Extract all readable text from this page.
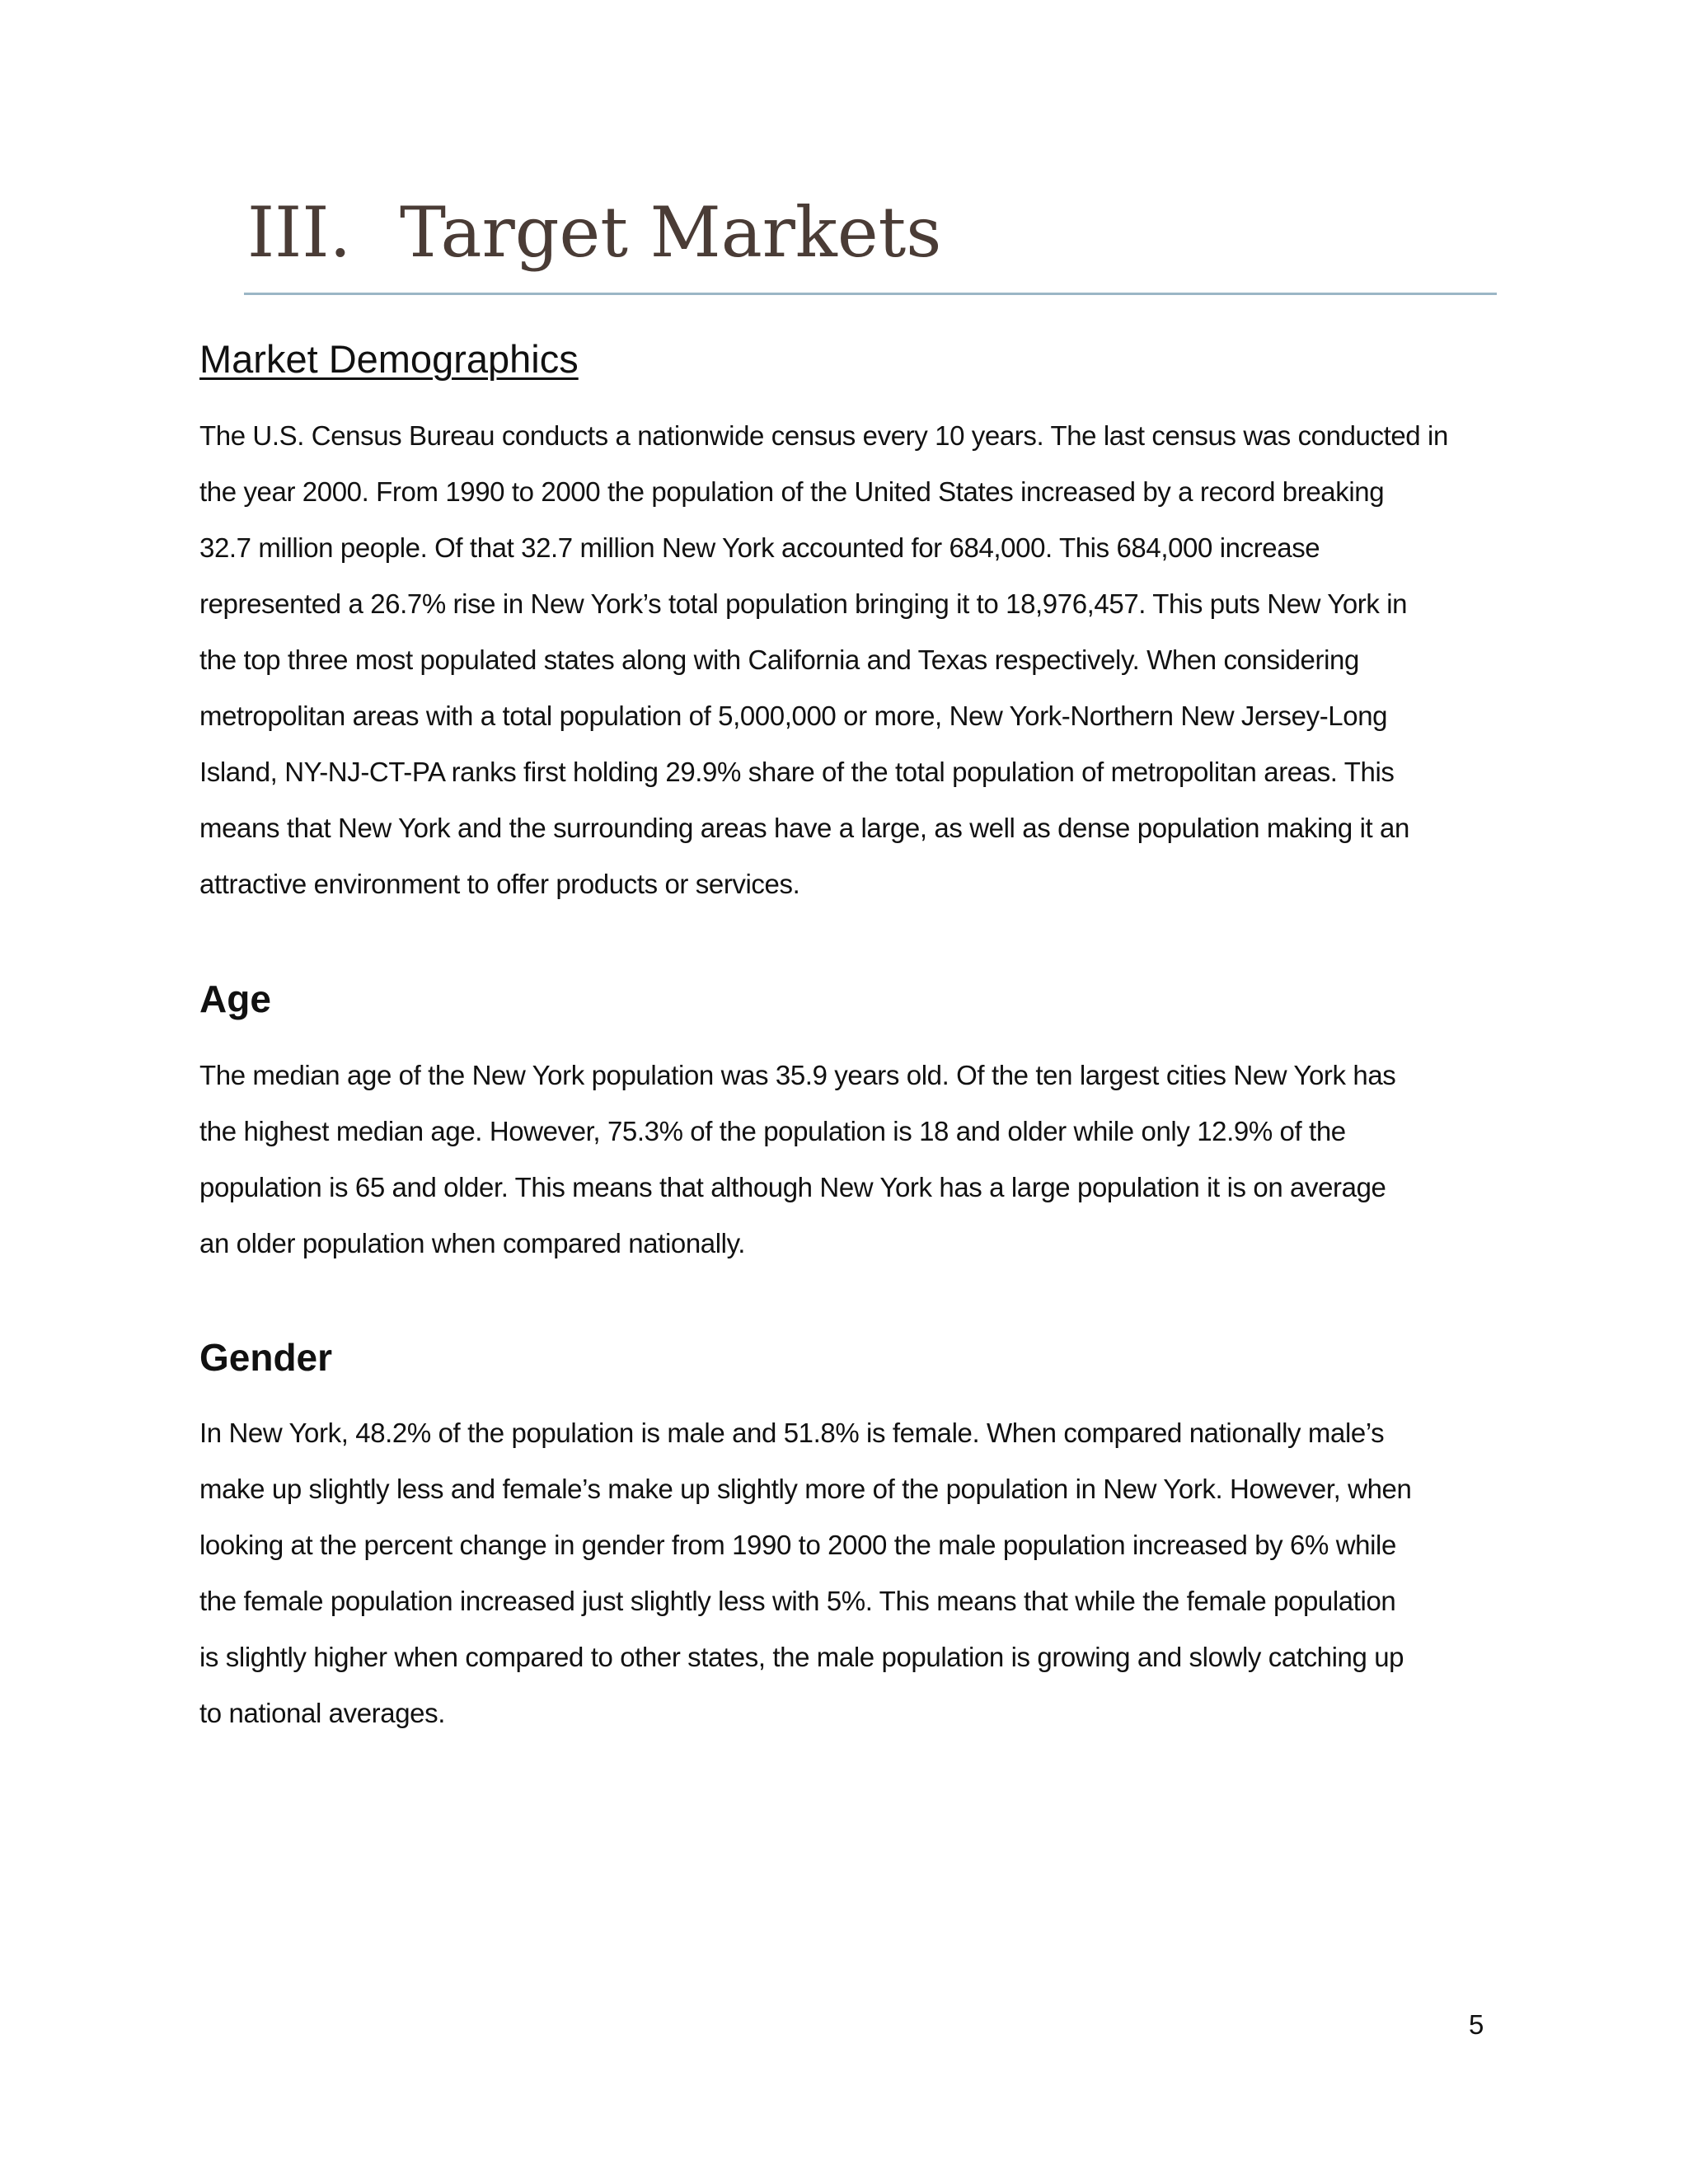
III. Target Markets
Market Demographics
The U.S. Census Bureau conducts a nationwide census every 10 years. The last census was conducted in
the year 2000. From 1990 to 2000 the population of the United States increased by a record breaking
32.7 million people. Of that 32.7 million New York accounted for 684,000. This 684,000 increase
represented a 26.7% rise in New York’s total population bringing it to 18,976,457. This puts New York in
the top three most populated states along with California and Texas respectively. When considering
metropolitan areas with a total population of 5,000,000 or more, New York-Northern New Jersey-Long
Island, NY-NJ-CT-PA ranks first holding 29.9% share of the total population of metropolitan areas. This
means that New York and the surrounding areas have a large, as well as dense population making it an
attractive environment to offer products or services.
Age
The median age of the New York population was 35.9 years old. Of the ten largest cities New York has
the highest median age. However, 75.3% of the population is 18 and older while only 12.9% of the
population is 65 and older. This means that although New York has a large population it is on average
an older population when compared nationally.
Gender
In New York, 48.2% of the population is male and 51.8% is female. When compared nationally male’s
make up slightly less and female’s make up slightly more of the population in New York. However, when
looking at the percent change in gender from 1990 to 2000 the male population increased by 6% while
the female population increased just slightly less with 5%. This means that while the female population
is slightly higher when compared to other states, the male population is growing and slowly catching up
to national averages.
5
